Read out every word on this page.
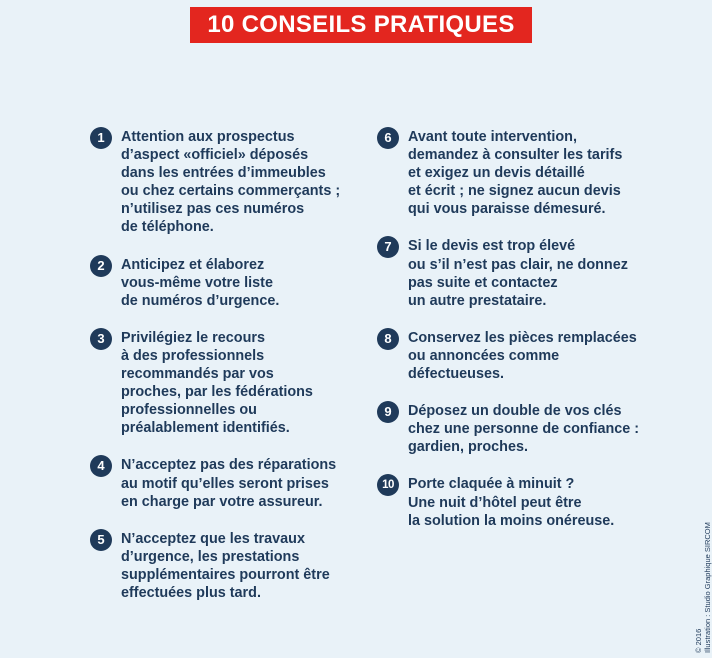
10 CONSEILS PRATIQUES
1	Attention aux prospectus
d’aspect «officiel» déposés
dans les entrées d’immeubles
ou chez certains commerçants ;
n’utilisez pas ces numéros
de téléphone.
2	Anticipez et élaborez
vous-même votre liste
de numéros d’urgence.
3	Privilégiez le recours
à des professionnels
recommandés par vos
proches, par les fédérations
professionnelles ou
préalablement identifiés.
4	N’acceptez pas des réparations
au motif qu’elles seront prises
en charge par votre assureur.
5	N’acceptez que les travaux
d’urgence, les prestations
supplémentaires pourront être
effectuées plus tard.
6	Avant toute intervention,
demandez à consulter les tarifs
et exigez un devis détaillé
et écrit ; ne signez aucun devis
qui vous paraisse démesuré.
7	Si le devis est trop élevé
ou s’il n’est pas clair, ne donnez
pas suite et contactez
un autre prestataire.
8	Conservez les pièces remplacées
ou annoncées comme
défectueuses.
9	Déposez un double de vos clés
chez une personne de confiance :
gardien, proches.
10 Porte claquée à minuit ?
Une nuit d’hôtel peut être
la solution la moins onéreuse.
© 2016 Illustration : Studio Graphique SIRCOM
